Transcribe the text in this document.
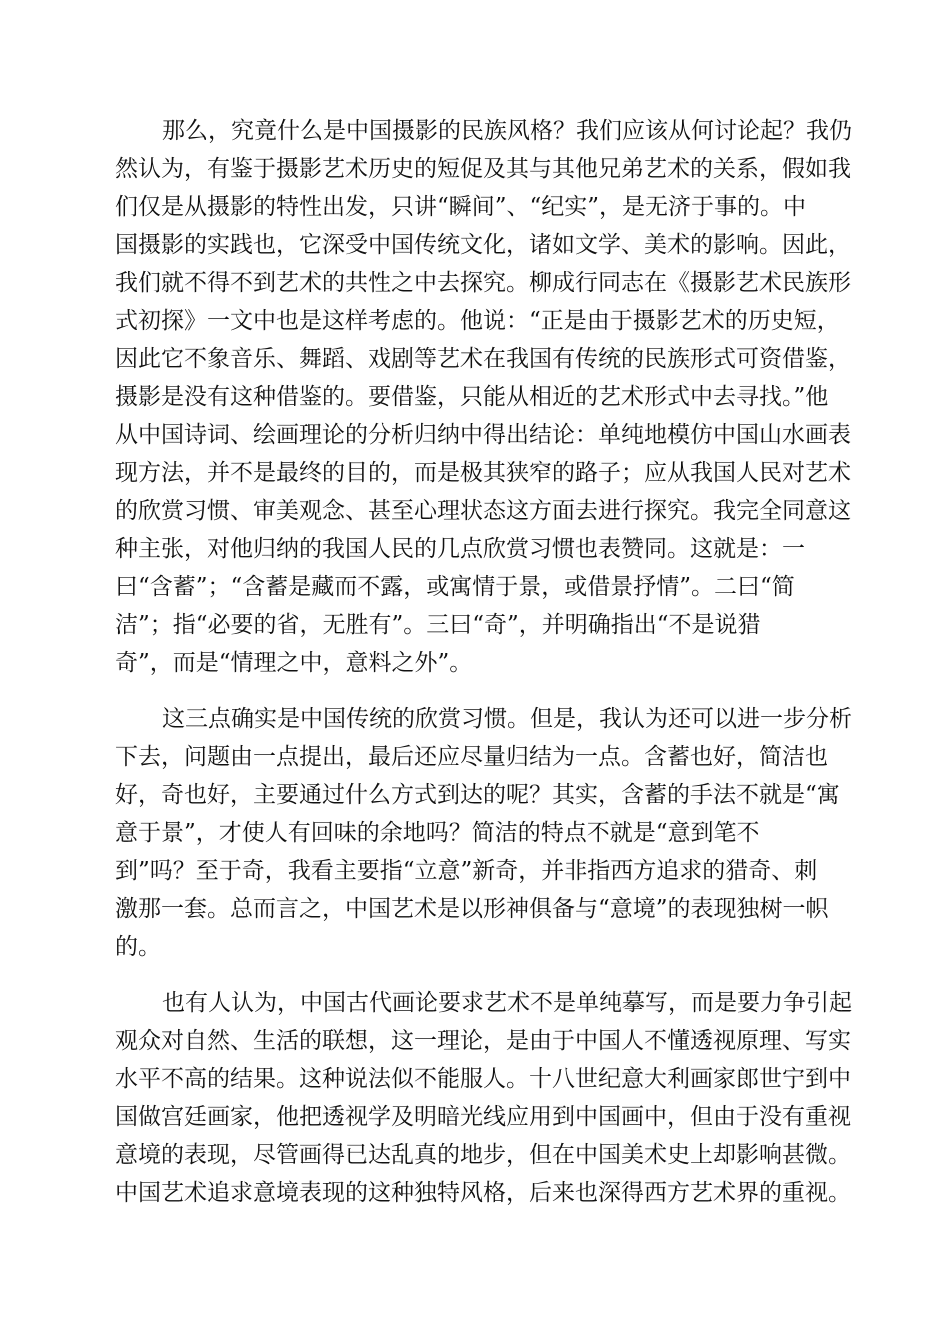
那么，究竟什么是中国摄影的民族风格？我们应该从何讨论起？我仍
然认为，有鉴于摄影艺术历史的短促及其与其他兄弟艺术的关系，假如我
们仅是从摄影的特性出发，只讲“瞬间”、“纪实”，是无济于事的。中
国摄影的实践也，它深受中国传统文化，诸如文学、美术的影响。因此，
我们就不得不到艺术的共性之中去探究。柳成行同志在《摄影艺术民族形
式初探》一文中也是这样考虑的。他说：“正是由于摄影艺术的历史短，
因此它不象音乐、舞蹈、戏剧等艺术在我国有传统的民族形式可资借鉴，
摄影是没有这种借鉴的。要借鉴，只能从相近的艺术形式中去寻找。”他
从中国诗词、绘画理论的分析归纳中得出结论：单纯地模仿中国山水画表
现方法，并不是最终的目的，而是极其狭窄的路子；应从我国人民对艺术
的欣赏习惯、审美观念、甚至心理状态这方面去进行探究。我完全同意这
种主张，对他归纳的我国人民的几点欣赏习惯也表赞同。这就是：一
曰“含蓄”；“含蓄是藏而不露，或寓情于景，或借景抒情”。二曰“简
洁”；指“必要的省，无胜有”。三曰“奇”，并明确指出“不是说猎
奇”，而是“情理之中，意料之外”。
这三点确实是中国传统的欣赏习惯。但是，我认为还可以进一步分析
下去，问题由一点提出，最后还应尽量归结为一点。含蓄也好，简洁也
好，奇也好，主要通过什么方式到达的呢？其实，含蓄的手法不就是“寓
意于景”，才使人有回味的余地吗？简洁的特点不就是“意到笔不
到”吗？至于奇，我看主要指“立意”新奇，并非指西方追求的猎奇、刺
激那一套。总而言之，中国艺术是以形神俱备与“意境”的表现独树一帜
的。
也有人认为，中国古代画论要求艺术不是单纯摹写，而是要力争引起
观众对自然、生活的联想，这一理论，是由于中国人不懂透视原理、写实
水平不高的结果。这种说法似不能服人。十八世纪意大利画家郎世宁到中
国做宫廷画家，他把透视学及明暗光线应用到中国画中，但由于没有重视
意境的表现，尽管画得已达乱真的地步，但在中国美术史上却影响甚微。
中国艺术追求意境表现的这种独特风格，后来也深得西方艺术界的重视。
